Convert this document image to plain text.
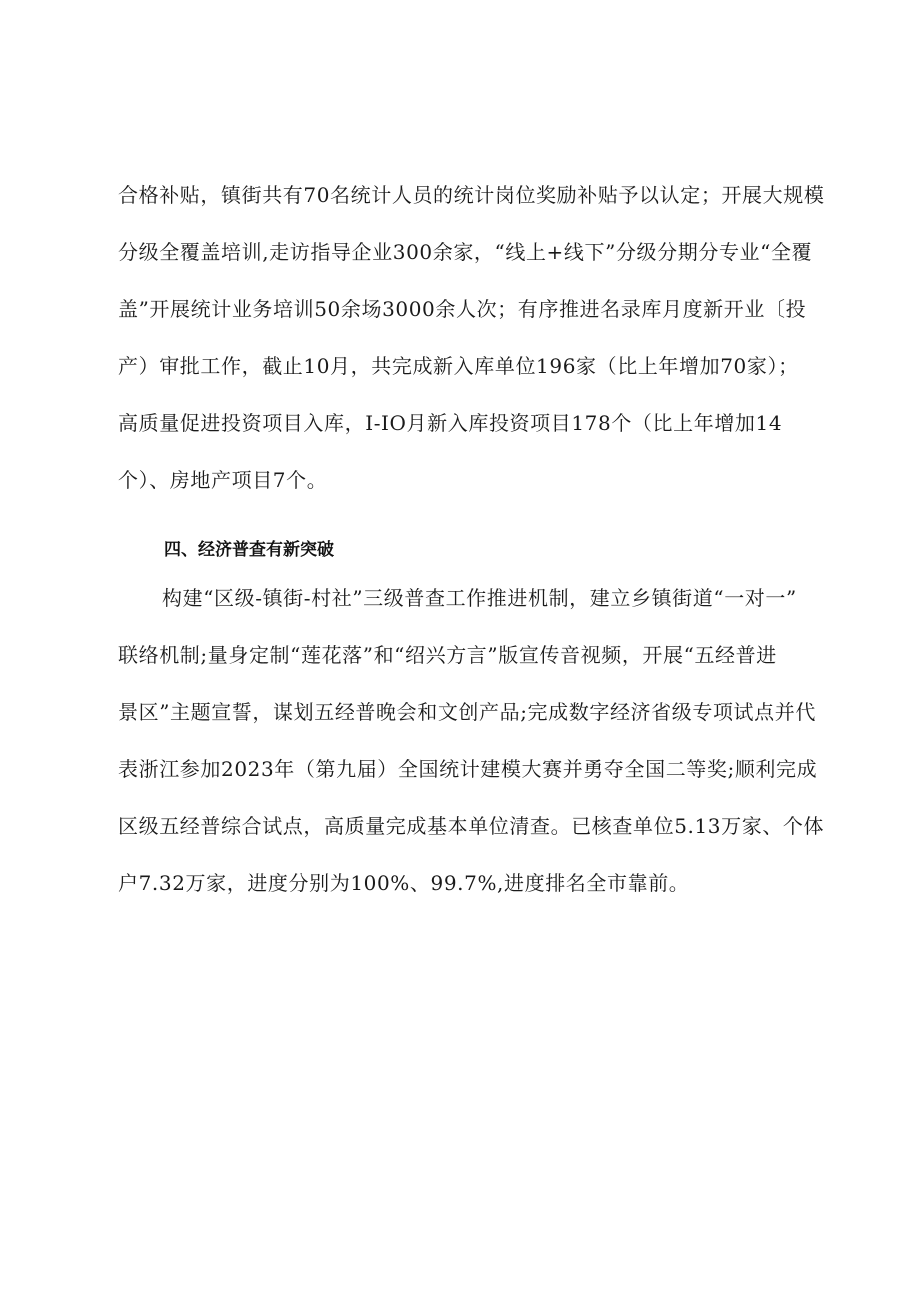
合格补贴，镇街共有70名统计人员的统计岗位奖励补贴予以认定；开展大规模
分级全覆盖培训,走访指导企业300余家，“线上+线下”分级分期分专业“全覆
盖”开展统计业务培训50余场3000余人次；有序推进名录库月度新开业〔投
产）审批工作，截止10月，共完成新入库单位196家（比上年增加70家）；
高质量促进投资项目入库，I-IO月新入库投资项目178个（比上年增加14
个）、房地产项目7个。
四、经济普查有新突破
构建“区级-镇街-村社”三级普查工作推进机制，建立乡镇街道“一对一”
联络机制;量身定制“莲花落”和“绍兴方言”版宣传音视频，开展“五经普进
景区”主题宣誓，谋划五经普晚会和文创产品;完成数字经济省级专项试点并代
表浙江参加2023年（第九届）全国统计建模大赛并勇夺全国二等奖;顺利完成
区级五经普综合试点，高质量完成基本单位清查。已核查单位5.13万家、个体
户7.32万家，进度分别为100%、99.7%,进度排名全市靠前。
